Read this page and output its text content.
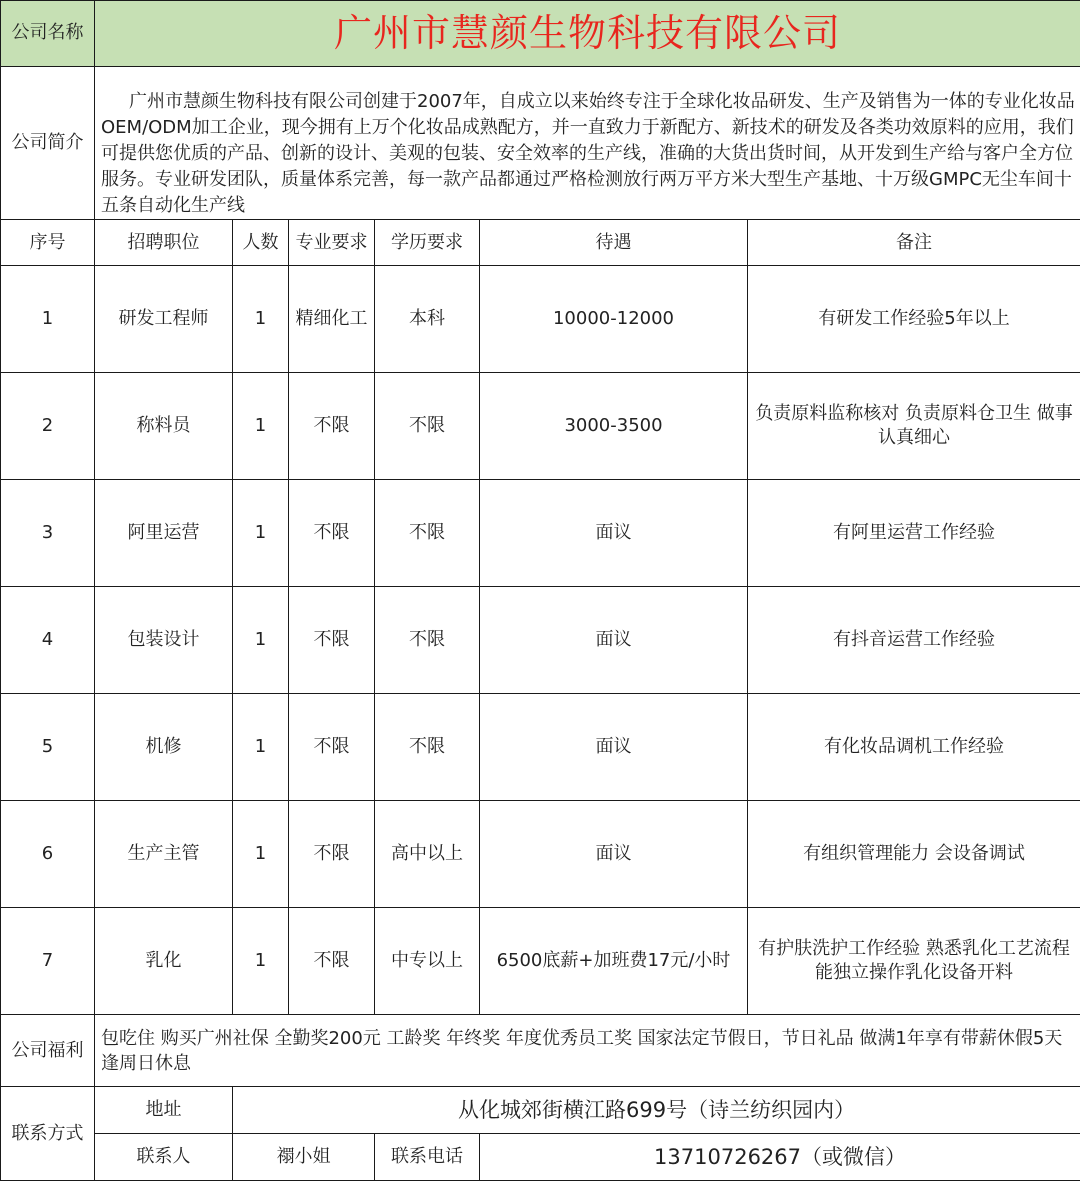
公司名称	广州市慧颜生物科技有限公司					
公司简介	广州市慧颜生物科技有限公司创建于2007年，自成立以来始终专注于全球化妆品研发、生产及销售为一体的专业化妆品OEM/ODM加工企业，现今拥有上万个化妆品成熟配方，并一直致力于新配方、新技术的研发及各类功效原料的应用，我们可提供您优质的产品、创新的设计、美观的包装、安全效率的生产线，准确的大货出货时间，从开发到生产给与客户全方位服务。专业研发团队，质量体系完善，每一款产品都通过严格检测放行两万平方米大型生产基地、十万级GMPC无尘车间十五条自动化生产线					
序号	招聘职位	人数	专业要求	学历要求	待遇	备注
1	研发工程师	1	精细化工	本科	10000-12000	有研发工作经验5年以上
2	称料员	1	不限	不限	3000-3500	负责原料监称核对 负责原料仓卫生 做事认真细心
3	阿里运营	1	不限	不限	面议	有阿里运营工作经验
4	包装设计	1	不限	不限	面议	有抖音运营工作经验
5	机修	1	不限	不限	面议	有化妆品调机工作经验
6	生产主管	1	不限	高中以上	面议	有组织管理能力 会设备调试
7	乳化	1	不限	中专以上	6500底薪+加班费17元/小时	有护肤洗护工作经验 熟悉乳化工艺流程能独立操作乳化设备开料
公司福利	包吃住 购买广州社保 全勤奖200元 工龄奖 年终奖 年度优秀员工奖 国家法定节假日，节日礼品 做满1年享有带薪休假5天 逢周日休息					
联系方式	地址	从化城郊街横江路699号（诗兰纺织园内）				
	联系人	禤小姐		联系电话	13710726267（或微信）	
